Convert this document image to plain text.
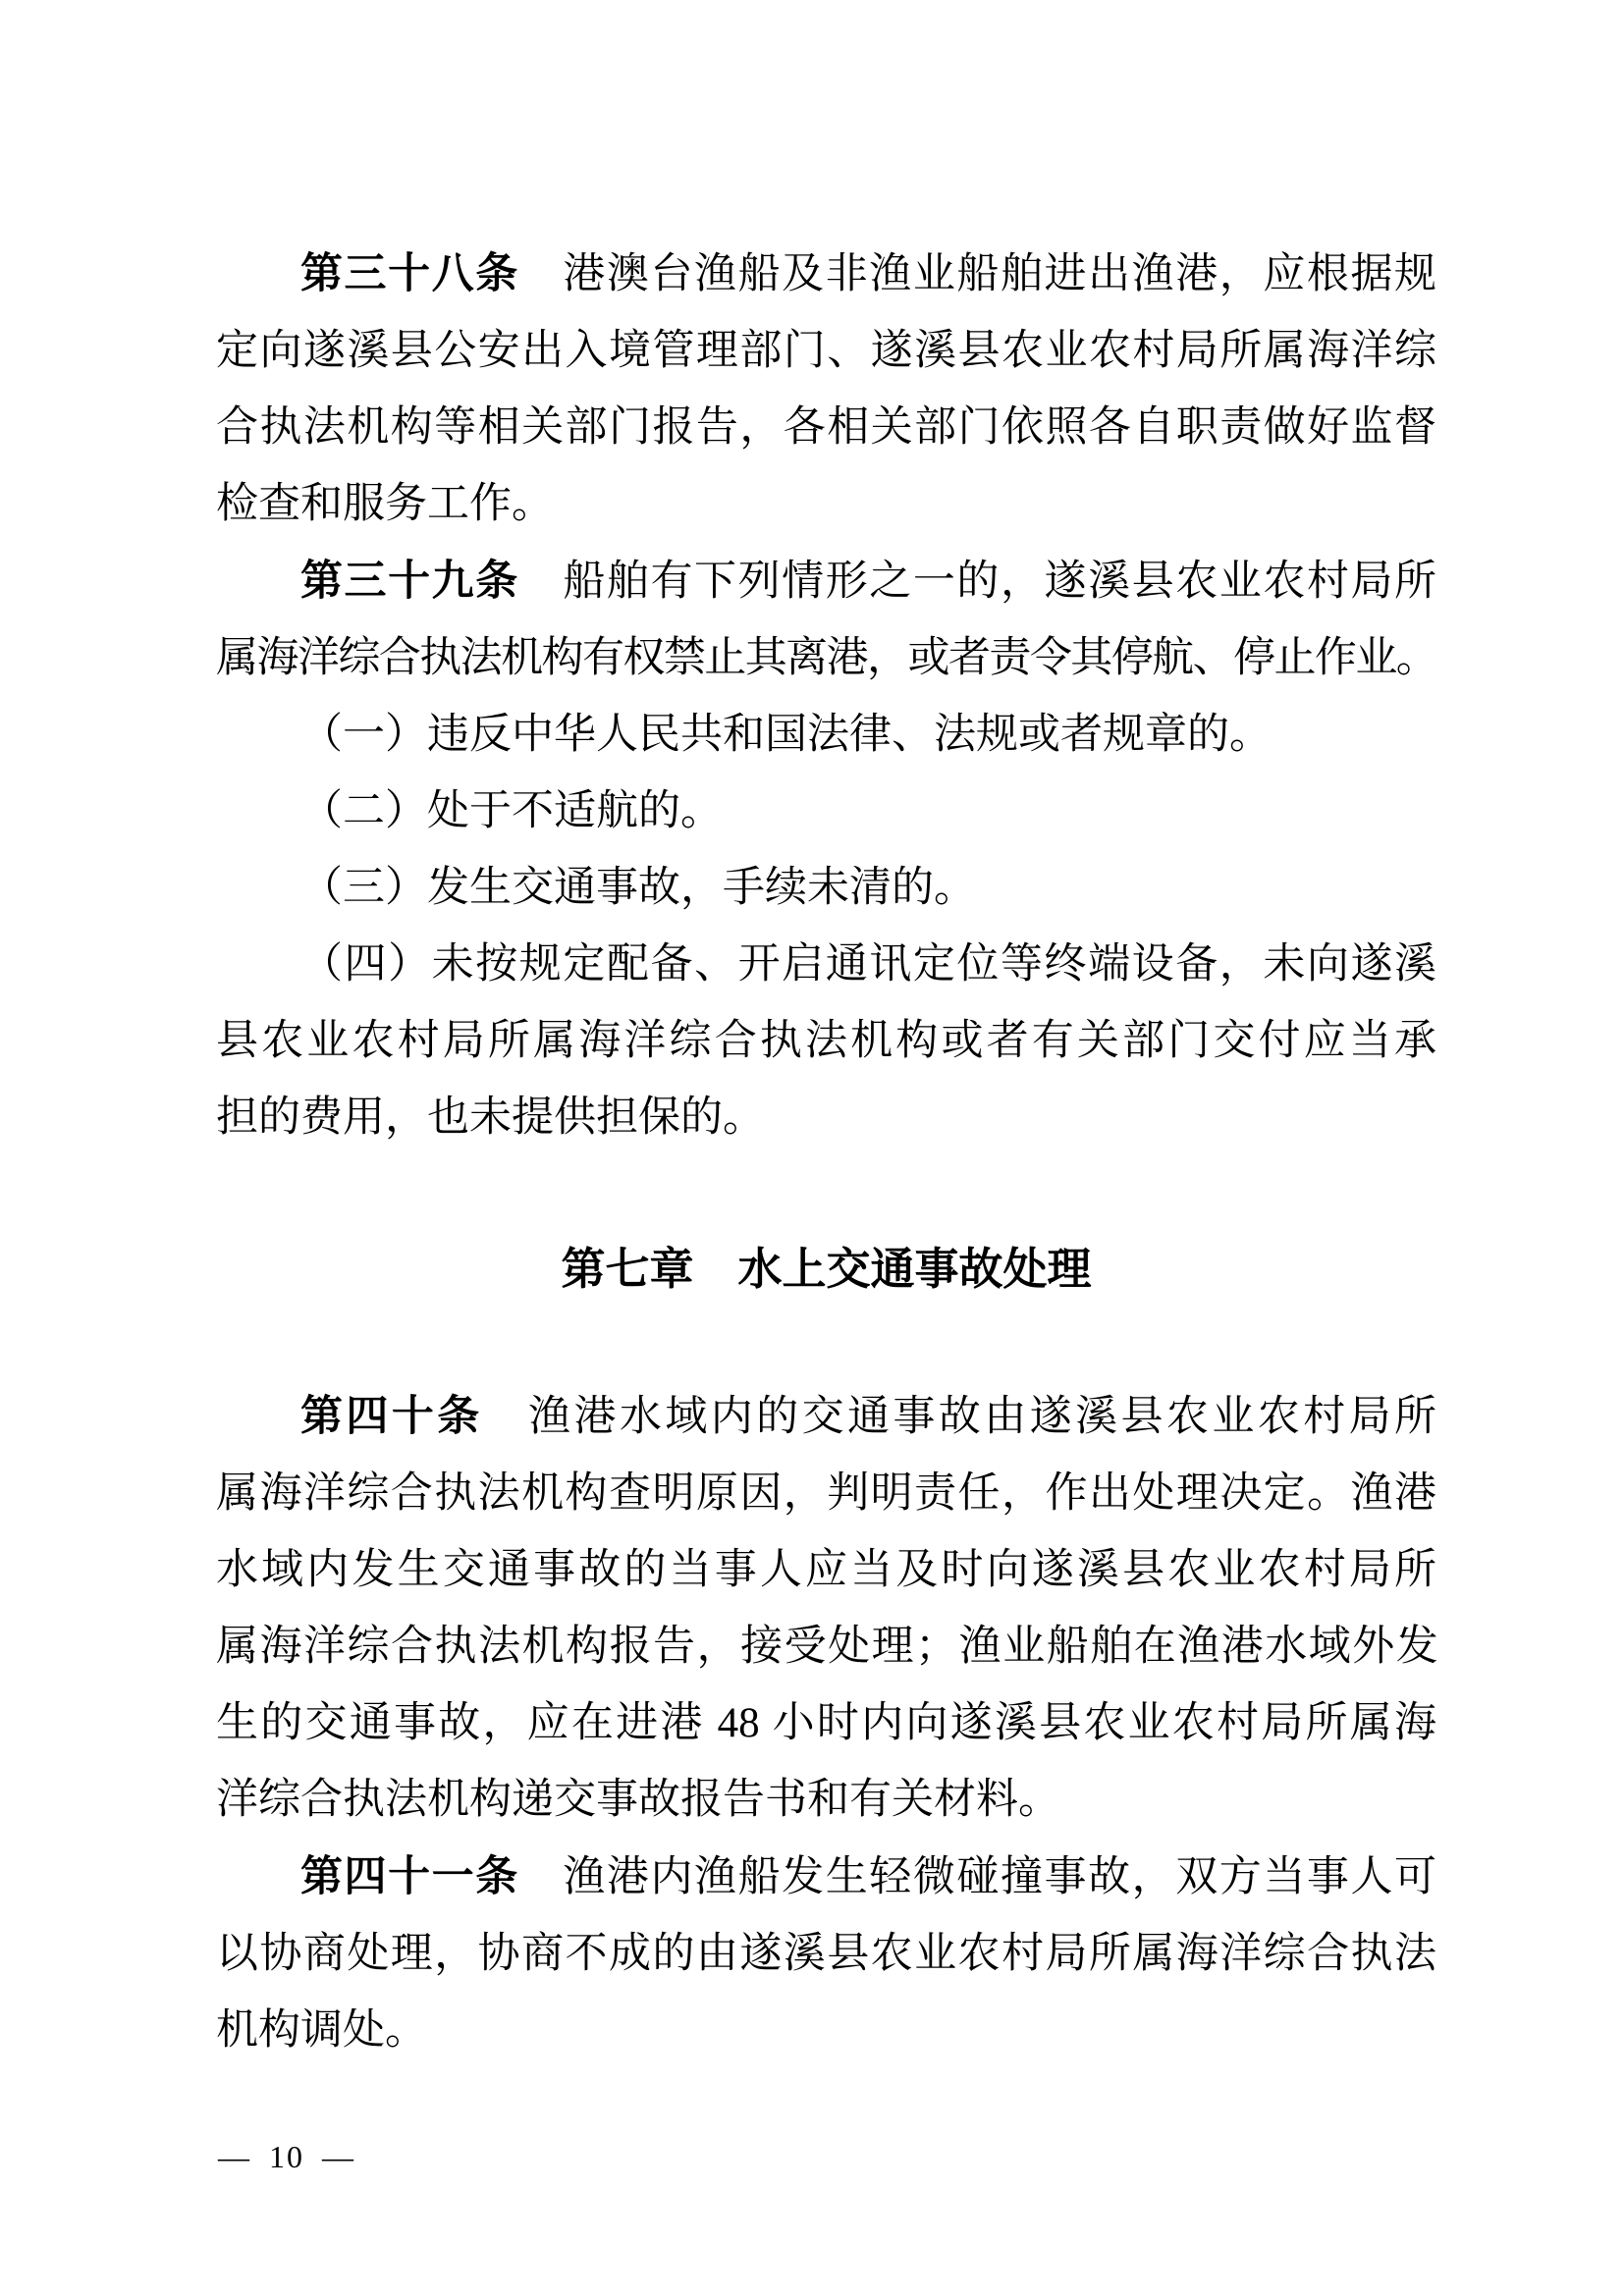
第三十八条　港澳台渔船及非渔业船舶进出渔港，应根据规
定向遂溪县公安出入境管理部门、遂溪县农业农村局所属海洋综
合执法机构等相关部门报告，各相关部门依照各自职责做好监督
检查和服务工作。
第三十九条　船舶有下列情形之一的，遂溪县农业农村局所
属海洋综合执法机构有权禁止其离港，或者责令其停航、停止作业。
（一）违反中华人民共和国法律、法规或者规章的。
（二）处于不适航的。
（三）发生交通事故，手续未清的。
（四）未按规定配备、开启通讯定位等终端设备，未向遂溪
县农业农村局所属海洋综合执法机构或者有关部门交付应当承
担的费用，也未提供担保的。
第七章　水上交通事故处理
第四十条　渔港水域内的交通事故由遂溪县农业农村局所
属海洋综合执法机构查明原因，判明责任，作出处理决定。渔港
水域内发生交通事故的当事人应当及时向遂溪县农业农村局所
属海洋综合执法机构报告，接受处理；渔业船舶在渔港水域外发
生的交通事故，应在进港 48 小时内向遂溪县农业农村局所属海
洋综合执法机构递交事故报告书和有关材料。
第四十一条　渔港内渔船发生轻微碰撞事故，双方当事人可
以协商处理，协商不成的由遂溪县农业农村局所属海洋综合执法
机构调处。
— 10 —
